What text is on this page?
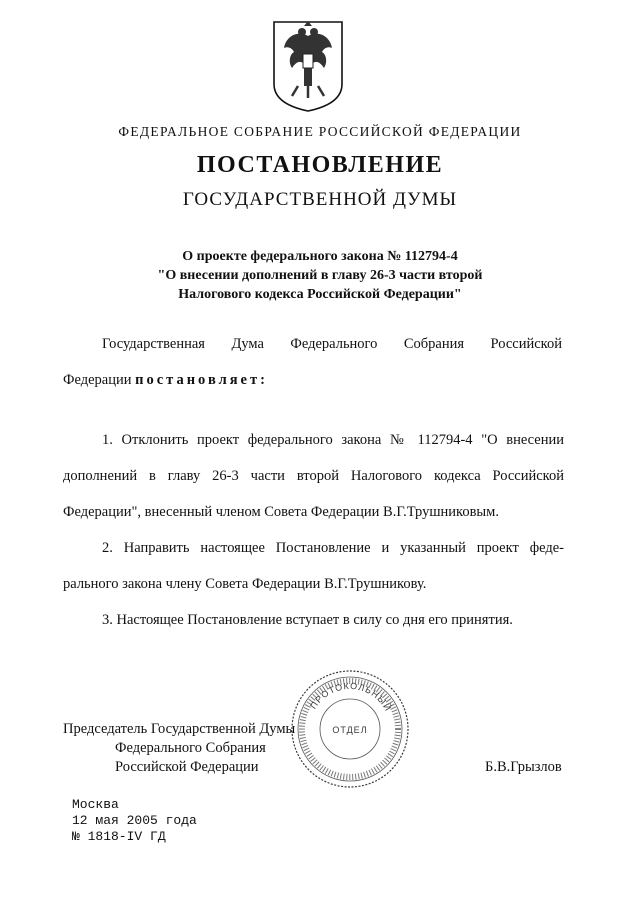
ФЕДЕРАЛЬНОЕ СОБРАНИЕ РОССИЙСКОЙ ФЕДЕРАЦИИ
ПОСТАНОВЛЕНИЕ
ГОСУДАРСТВЕННОЙ ДУМЫ
О проекте федерального закона № 112794-4
"О внесении дополнений в главу 26-3 части второй
Налогового кодекса Российской Федерации"
Государственная Дума Федерального Собрания Российской
Федерации постановляет:
1. Отклонить проект федерального закона № 112794-4 "О внесении
дополнений в главу 26-3 части второй Налогового кодекса Российской
Федерации", внесенный членом Совета Федерации В.Г.Трушниковым.
2. Направить настоящее Постановление и указанный проект феде-
рального закона члену Совета Федерации В.Г.Трушникову.
3. Настоящее Постановление вступает в силу со дня его принятия.
ПРОТОКОЛЬНЫЙ
ОТДЕЛ
Председатель Государственной Думы
Федерального Собрания
Российской Федерации	Б.В.Грызлов
Москва
12 мая 2005 года
№ 1818-IV ГД
